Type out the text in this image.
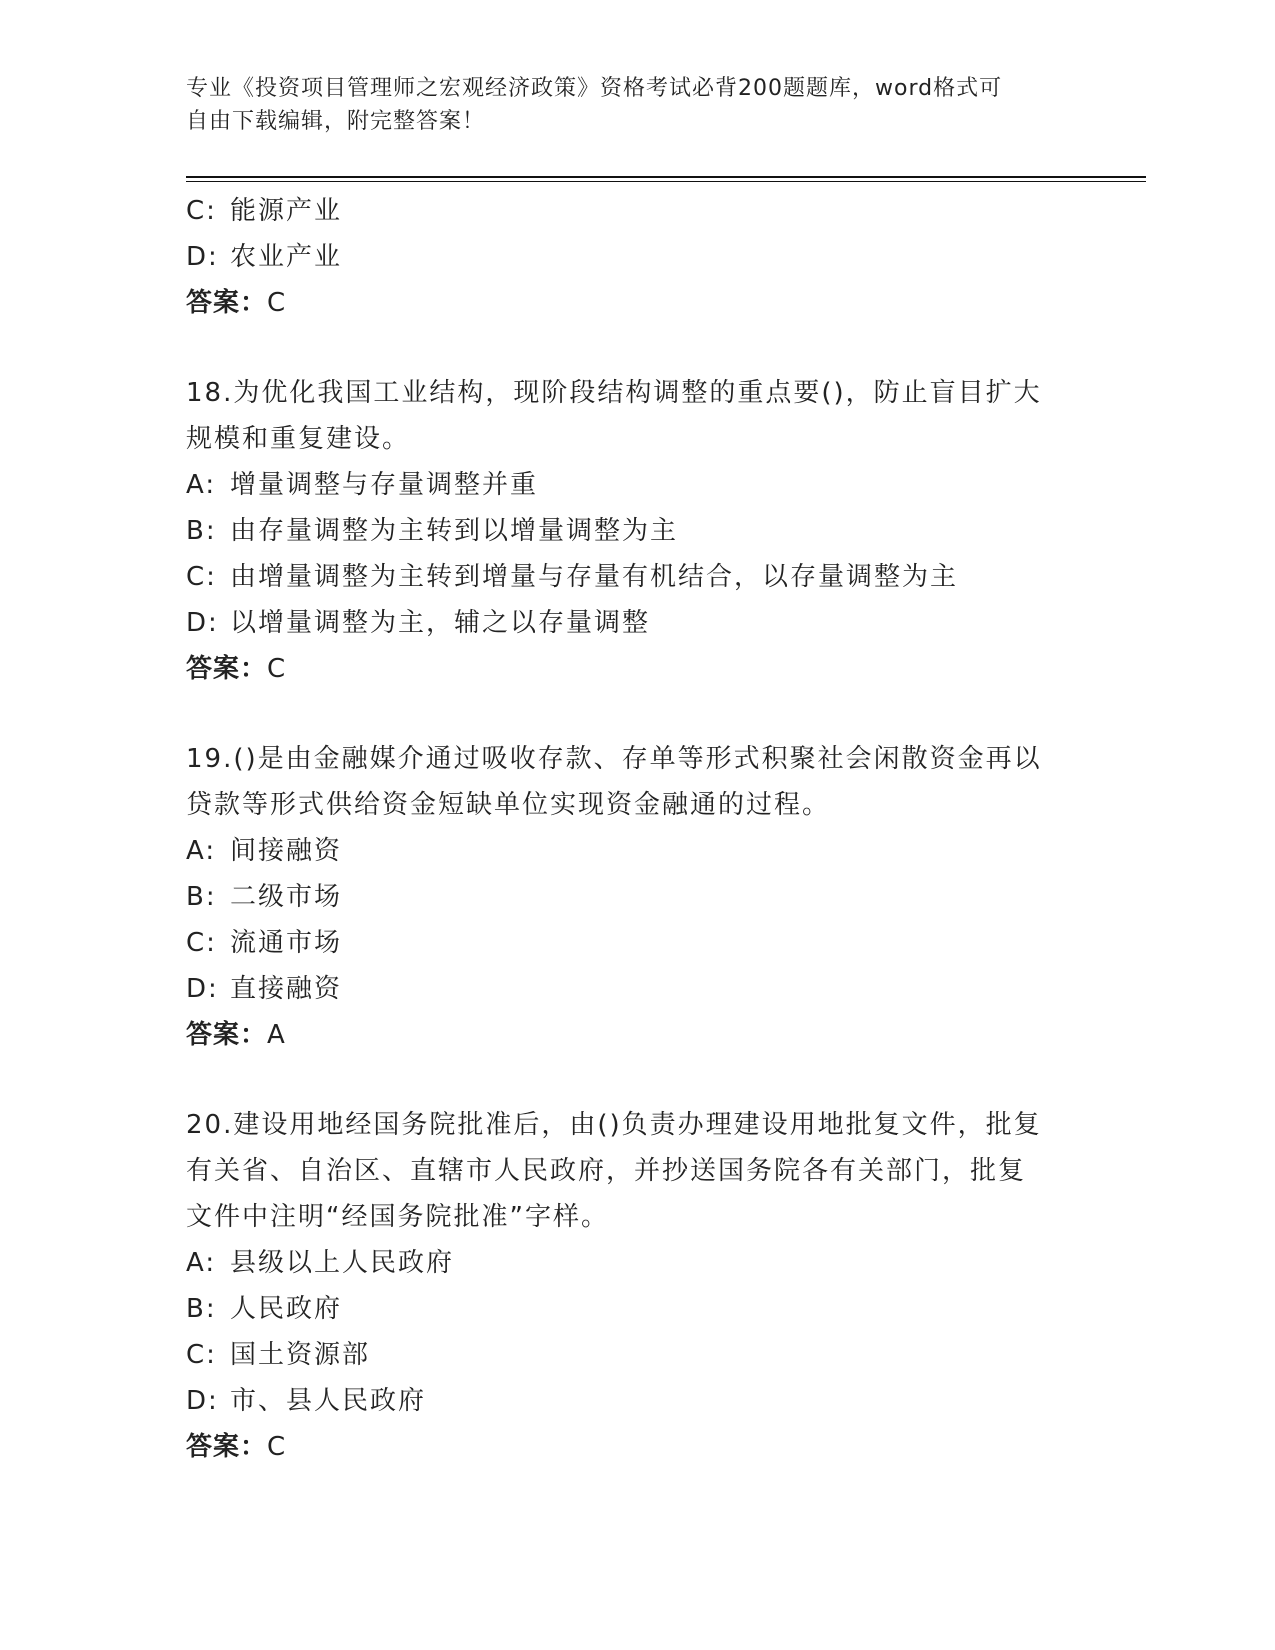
专业《投资项目管理师之宏观经济政策》资格考试必背200题题库，word格式可
自由下载编辑，附完整答案！
C: 能源产业
D: 农业产业
答案：C
18.为优化我国工业结构，现阶段结构调整的重点要()，防止盲目扩大
规模和重复建设。
A: 增量调整与存量调整并重
B: 由存量调整为主转到以增量调整为主
C: 由增量调整为主转到增量与存量有机结合，以存量调整为主
D: 以增量调整为主，辅之以存量调整
答案：C
19.()是由金融媒介通过吸收存款、存单等形式积聚社会闲散资金再以
贷款等形式供给资金短缺单位实现资金融通的过程。
A: 间接融资
B: 二级市场
C: 流通市场
D: 直接融资
答案：A
20.建设用地经国务院批准后，由()负责办理建设用地批复文件，批复
有关省、自治区、直辖市人民政府，并抄送国务院各有关部门，批复
文件中注明“经国务院批准”字样。
A: 县级以上人民政府
B: 人民政府
C: 国土资源部
D: 市、县人民政府
答案：C
